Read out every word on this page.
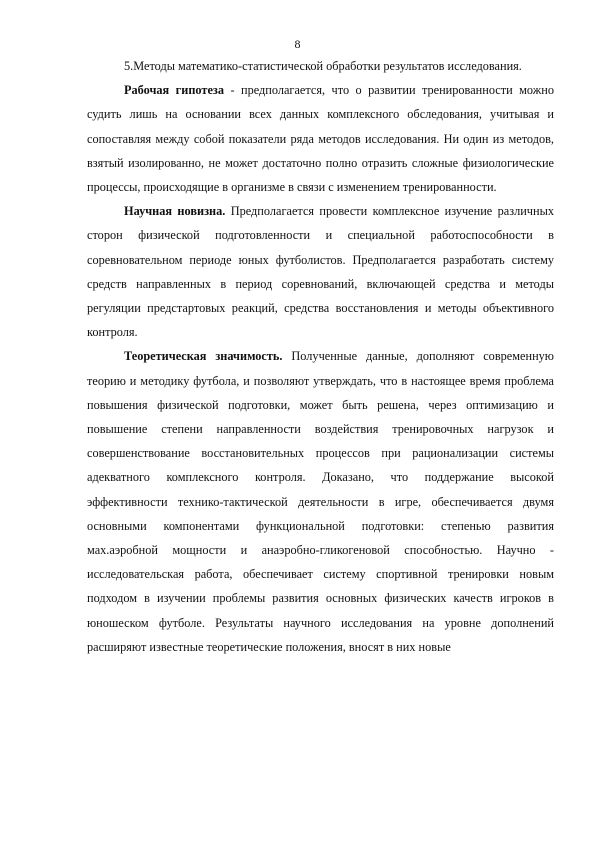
8

5.Методы математико-статистической обработки результатов исследования.

Рабочая гипотеза - предполагается, что о развитии тренированности можно судить лишь на основании всех данных комплексного обследования, учитывая и сопоставляя между собой показатели ряда методов исследования. Ни один из методов, взятый изолированно, не может достаточно полно отразить сложные физиологические процессы, происходящие в организме в связи с изменением тренированности.

Научная новизна. Предполагается провести комплексное изучение различных сторон физической подготовленности и специальной работоспособности в соревновательном периоде юных футболистов. Предполагается разработать систему средств направленных в период соревнований, включающей средства и методы регуляции предстартовых реакций, средства восстановления и методы объективного контроля.

Теоретическая значимость. Полученные данные, дополняют современную теорию и методику футбола, и позволяют утверждать, что в настоящее время проблема повышения физической подготовки, может быть решена, через оптимизацию и повышение степени направленности воздействия тренировочных нагрузок и совершенствование восстановительных процессов при рационализации системы адекватного комплексного контроля. Доказано, что поддержание высокой эффективности технико-тактической деятельности в игре, обеспечивается двумя основными компонентами функциональной подготовки: степенью развития мах.аэробной мощности и анаэробно-гликогеновой способностью. Научно - исследовательская работа, обеспечивает систему спортивной тренировки новым подходом в изучении проблемы развития основных физических качеств игроков в юношеском футболе. Результаты научного исследования на уровне дополнений расширяют известные теоретические положения, вносят в них новые
